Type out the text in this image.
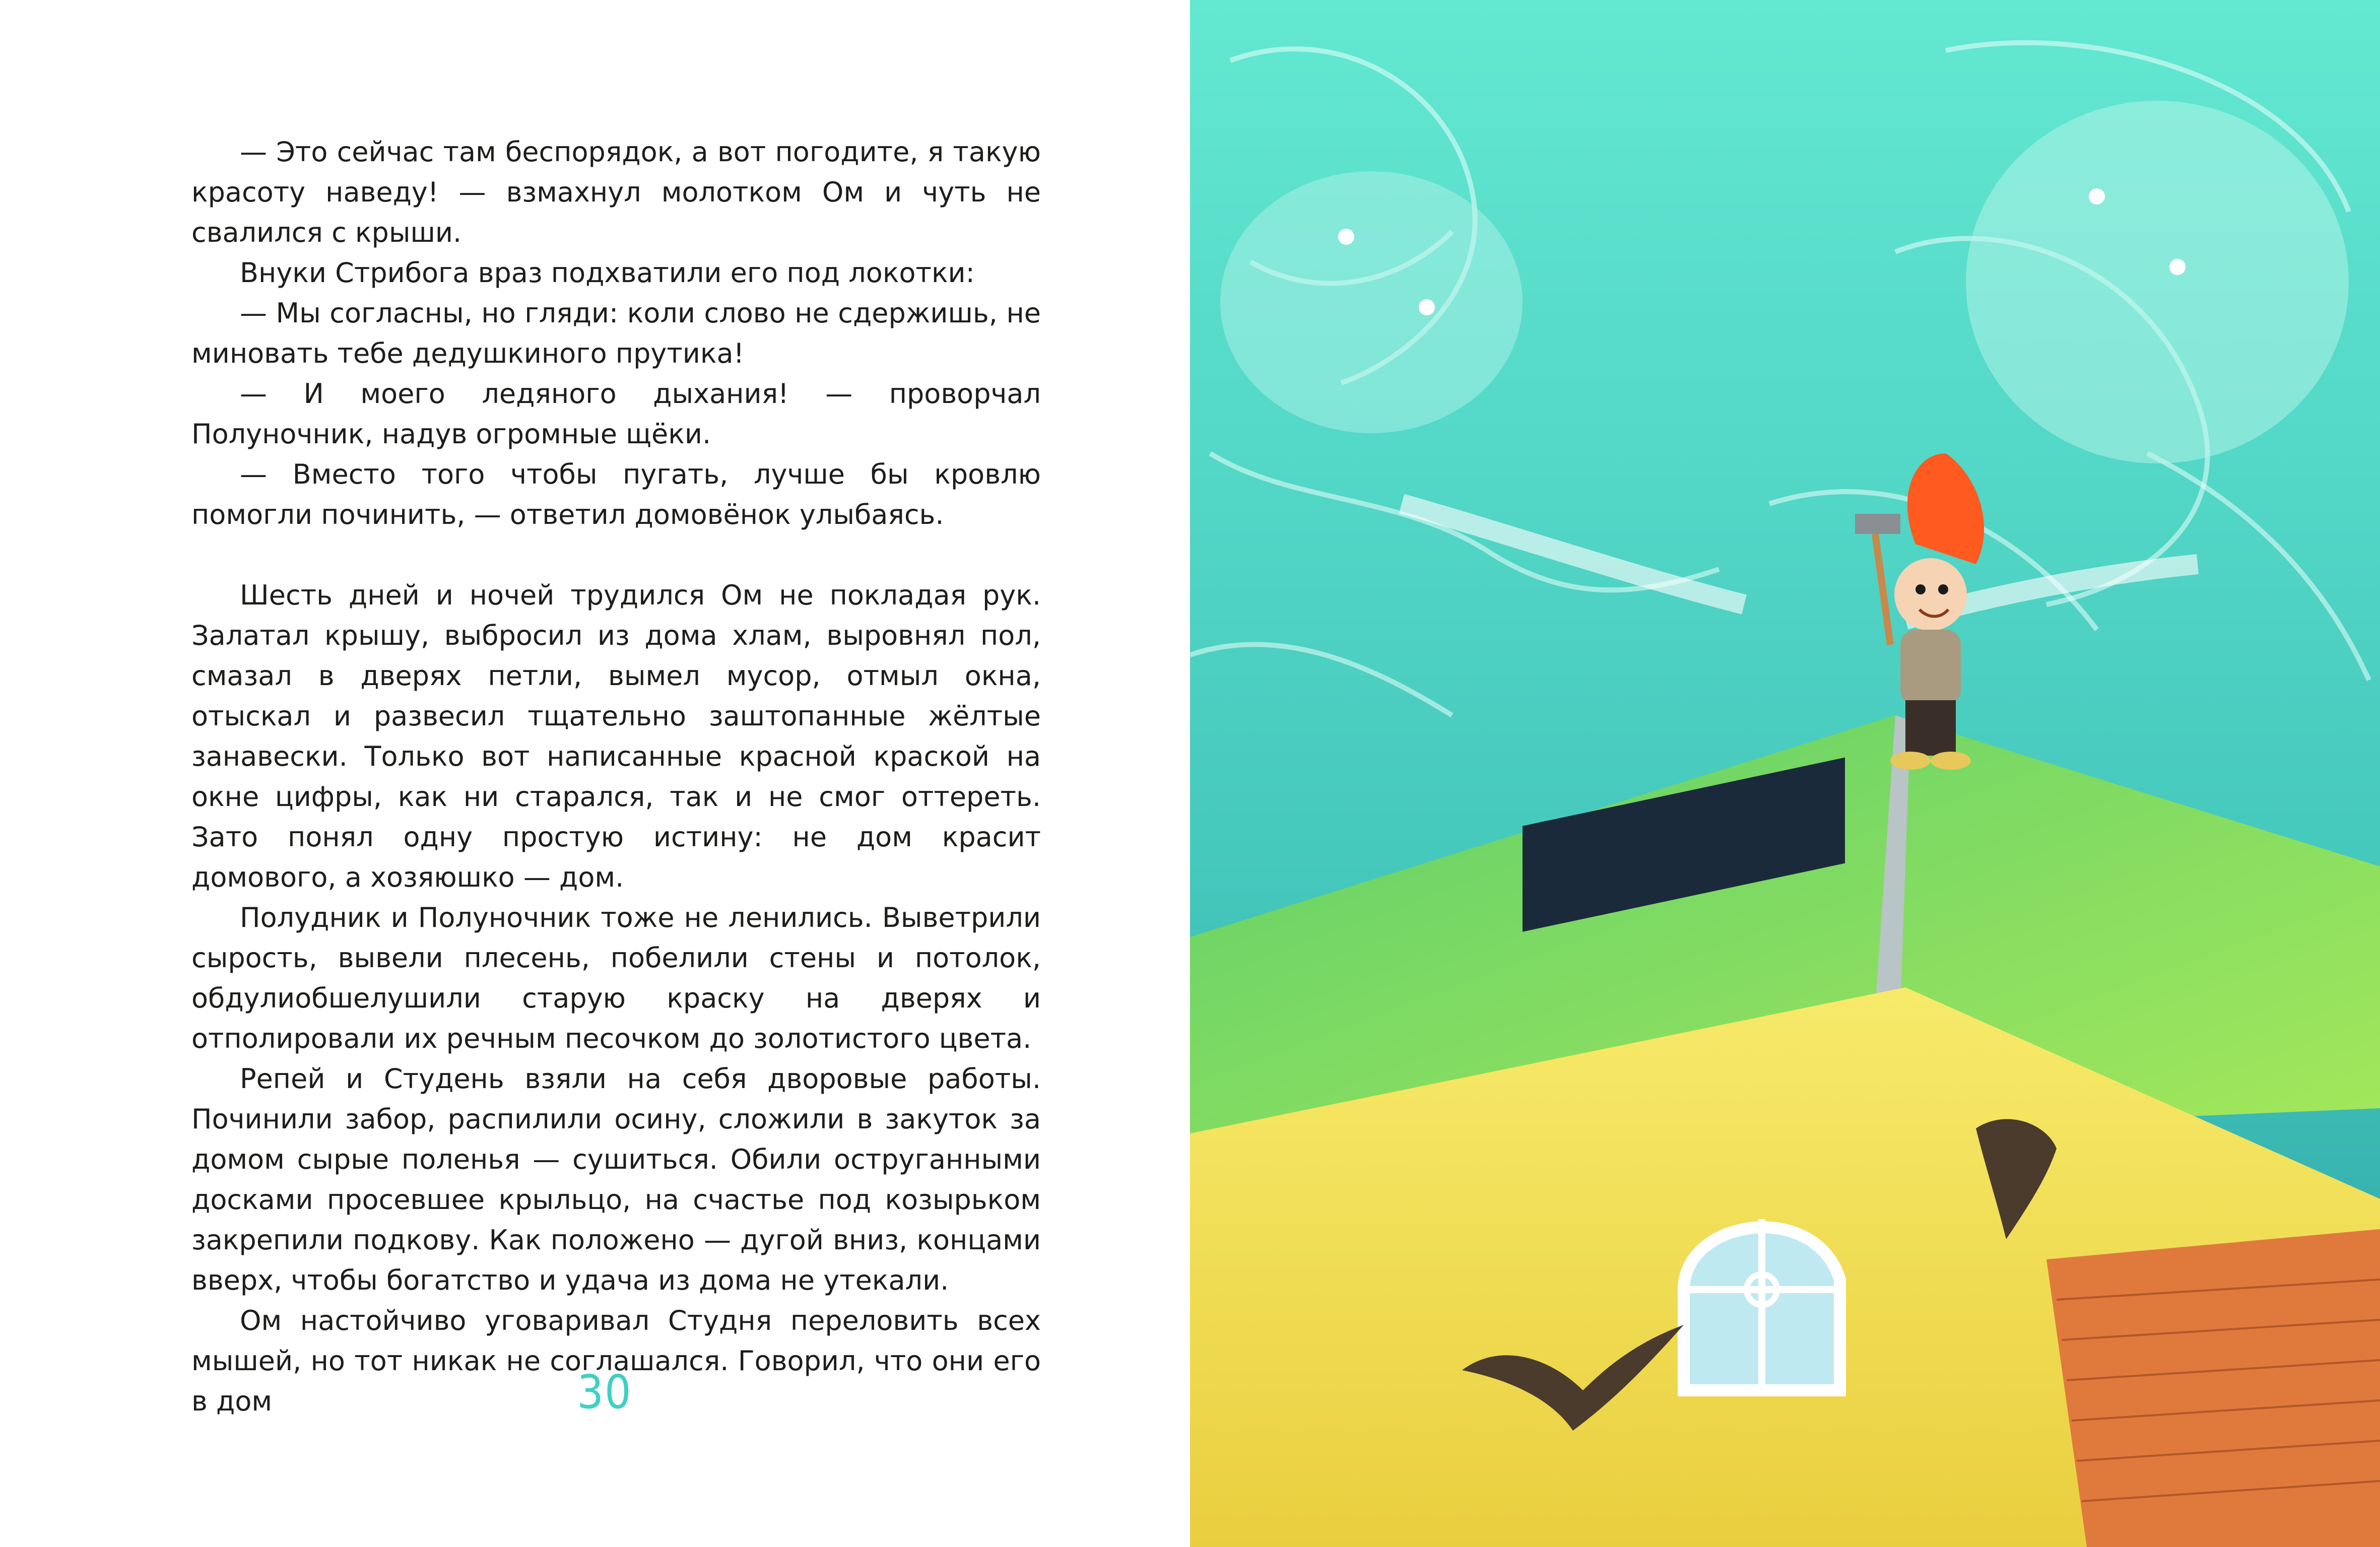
— Это сейчас там беспорядок, а вот погодите, я такую красоту наведу! — взмахнул молотком Ом и чуть не свалился с крыши.

Внуки Стрибога враз подхватили его под локотки:

— Мы согласны, но гляди: коли слово не сдержишь, не миновать тебе дедушкиного прутика!

— И моего ледяного дыхания! — проворчал Полуночник, надув огромные щёки.

— Вместо того чтобы пугать, лучше бы кровлю помогли починить, — ответил домовёнок улыбаясь.

Шесть дней и ночей трудился Ом не покладая рук. Залатал крышу, выбросил из дома хлам, выровнял пол, смазал в дверях петли, вымел мусор, отмыл окна, отыскал и развесил тщательно заштопанные жёлтые занавески. Только вот написанные красной краской на окне цифры, как ни старался, так и не смог оттереть. Зато понял одну простую истину: не дом красит домового, а хозяюшко — дом.

Полудник и Полуночник тоже не ленились. Выветрили сырость, вывели плесень, побелили стены и потолок, обдулиобшелушили старую краску на дверях и отполировали их речным песочком до золотистого цвета.

Репей и Студень взяли на себя дворовые работы. Починили забор, распилили осину, сложили в закуток за домом сырые поленья — сушиться. Обили оструганными досками просевшее крыльцо, на счастье под козырьком закрепили подкову. Как положено — дугой вниз, концами вверх, чтобы богатство и удача из дома не утекали.

Ом настойчиво уговаривал Студня переловить всех мышей, но тот никак не соглашался. Говорил, что они его в дом	30
